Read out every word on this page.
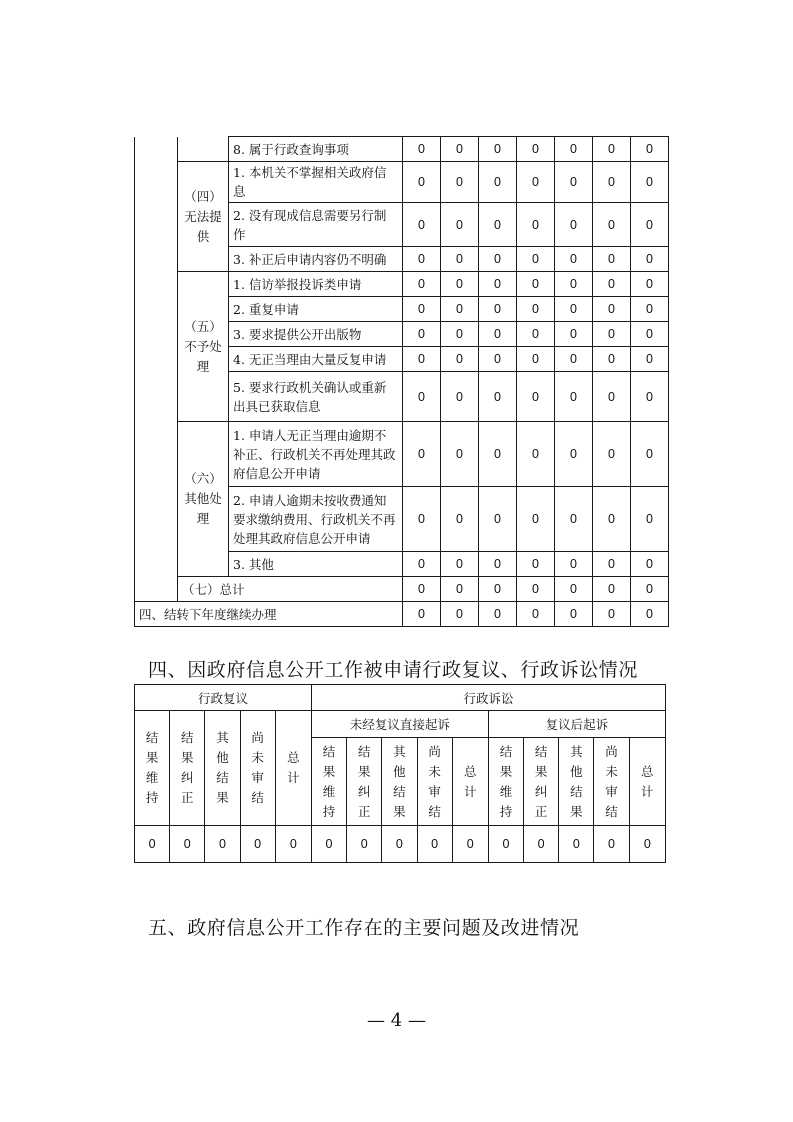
		8. 属于行政查询事项	0	0	0	0	0	0	0
	（四）无法提供	1. 本机关不掌握相关政府信息	0	0	0	0	0	0	0
		2. 没有现成信息需要另行制作	0	0	0	0	0	0	0
		3. 补正后申请内容仍不明确	0	0	0	0	0	0	0
	（五）不予处理	1. 信访举报投诉类申请	0	0	0	0	0	0	0
		2. 重复申请	0	0	0	0	0	0	0
		3. 要求提供公开出版物	0	0	0	0	0	0	0
		4. 无正当理由大量反复申请	0	0	0	0	0	0	0
		5. 要求行政机关确认或重新出具已获取信息	0	0	0	0	0	0	0
	（六）其他处理	1. 申请人无正当理由逾期不补正、行政机关不再处理其政府信息公开申请	0	0	0	0	0	0	0
		2. 申请人逾期未按收费通知要求缴纳费用、行政机关不再处理其政府信息公开申请	0	0	0	0	0	0	0
		3. 其他	0	0	0	0	0	0	0
	（七）总计		0	0	0	0	0	0	0
四、结转下年度继续办理			0	0	0	0	0	0	0
四、因政府信息公开工作被申请行政复议、行政诉讼情况
行政复议					行政诉讼									

结果维持	结果纠正	其他结果	尚未审结	总计	未经复议直接起诉					复议后起诉				

					结果维持	结果纠正	其他结果	尚未审结	总计	结果维持	结果纠正	其他结果	尚未审结	总计

0	0	0	0	0	0	0	0	0	0	0	0	0	0	0
五、政府信息公开工作存在的主要问题及改进情况
— 4 —
